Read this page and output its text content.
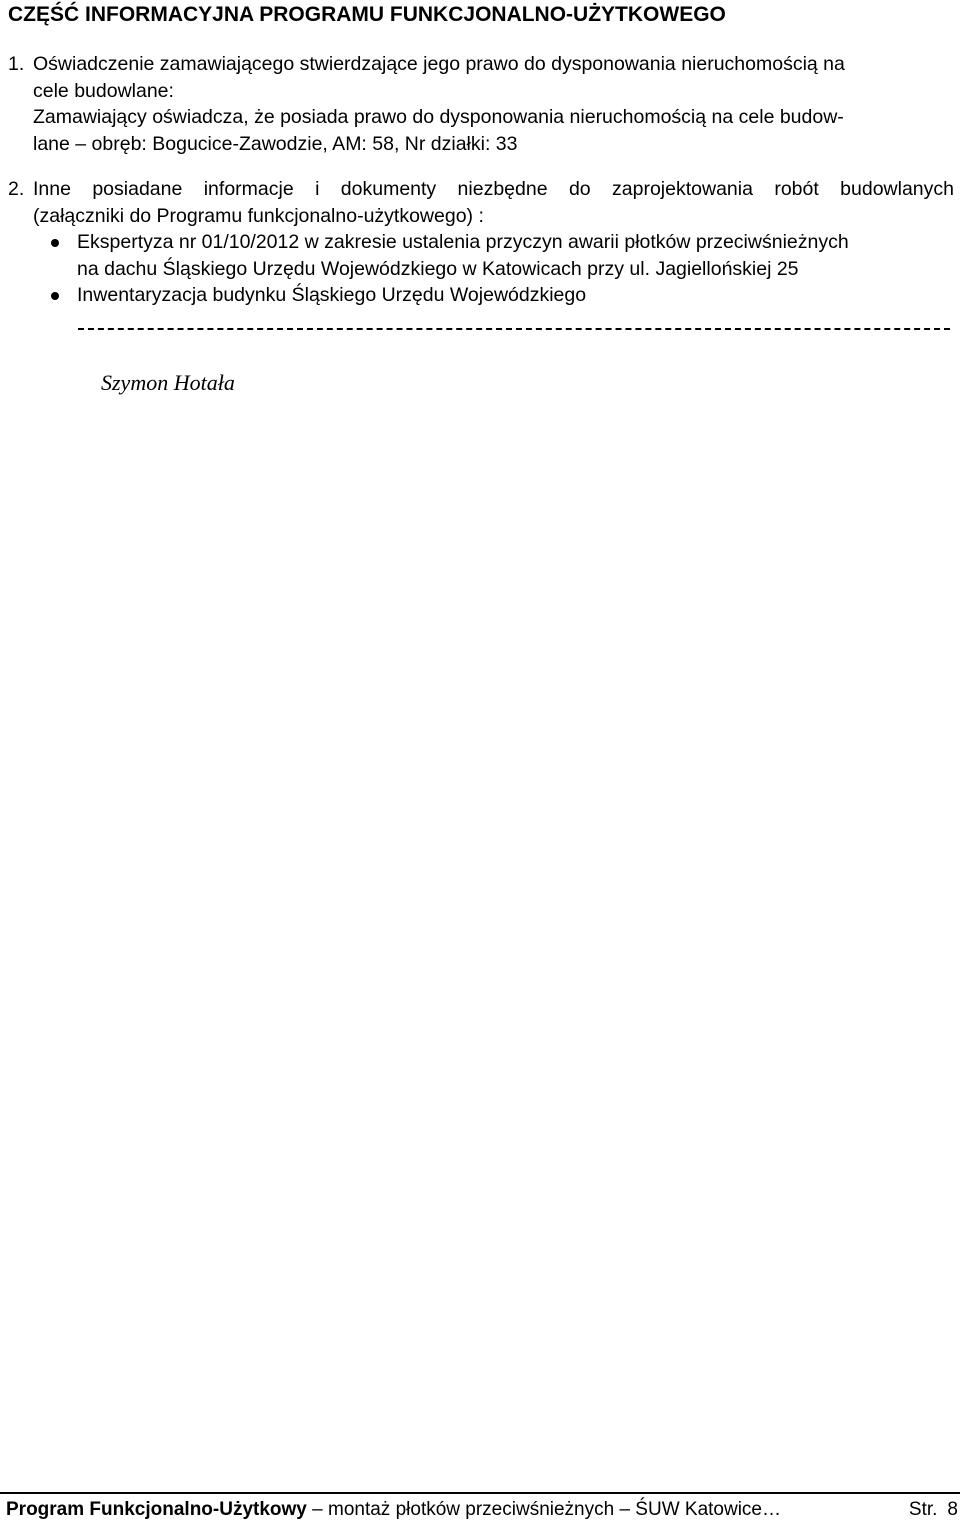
CZĘŚĆ INFORMACYJNA PROGRAMU FUNKCJONALNO-UŻYTKOWEGO
1. Oświadczenie zamawiającego stwierdzające jego prawo do dysponowania nieruchomością na
cele budowlane:
Zamawiający oświadcza, że posiada prawo do dysponowania nieruchomością na cele budow-
lane – obręb: Bogucice-Zawodzie, AM: 58, Nr działki: 33
2. Inne posiadane informacje i dokumenty niezbędne do zaprojektowania robót budowlanych
(załączniki do Programu funkcjonalno-użytkowego) :
Ekspertyza nr 01/10/2012 w zakresie ustalenia przyczyn awarii płotków przeciwśnieżnych
na dachu Śląskiego Urzędu Wojewódzkiego w Katowicach przy ul. Jagiellońskiej 25
Inwentaryzacja budynku Śląskiego Urzędu Wojewódzkiego
Szymon Hotała
Program Funkcjonalno-Użytkowy – montaż płotków przeciwśnieżnych – ŚUW Katowice…	Str. 8
